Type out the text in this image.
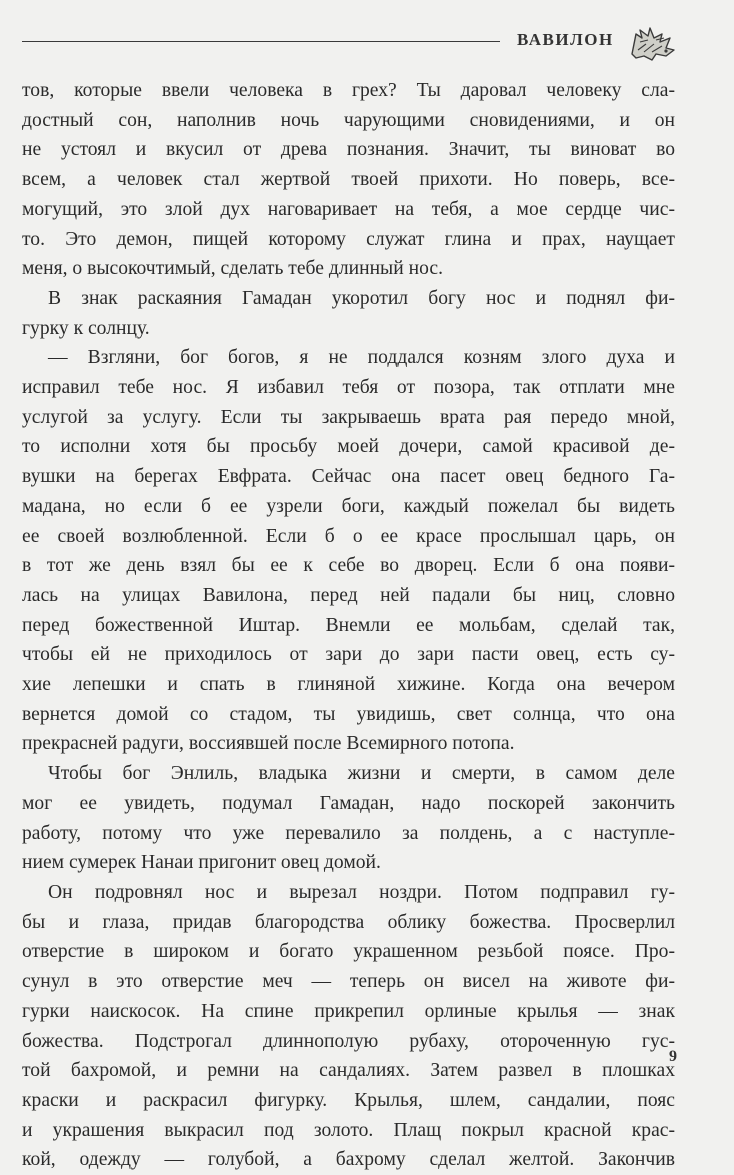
ВАВИЛОН

тов, которые ввели человека в грех? Ты даровал человеку сла-

достный сон, наполнив ночь чарующими сновидениями, и он

не устоял и вкусил от древа познания. Значит, ты виноват во

всем, а человек стал жертвой твоей прихоти. Но поверь, все-

могущий, это злой дух наговаривает на тебя, а мое сердце чис-

то. Это демон, пищей которому служат глина и прах, наущает

меня, о высокочтимый, сделать тебе длинный нос.

В знак раскаяния Гамадан укоротил богу нос и поднял фи-

гурку к солнцу.

— Взгляни, бог богов, я не поддался козням злого духа и

исправил тебе нос. Я избавил тебя от позора, так отплати мне

услугой за услугу. Если ты закрываешь врата рая передо мной,

то исполни хотя бы просьбу моей дочери, самой красивой де-

вушки на берегах Евфрата. Сейчас она пасет овец бедного Га-

мадана, но если б ее узрели боги, каждый пожелал бы видеть

ее своей возлюбленной. Если б о ее красе прослышал царь, он

в тот же день взял бы ее к себе во дворец. Если б она появи-

лась на улицах Вавилона, перед ней падали бы ниц, словно

перед божественной Иштар. Внемли ее мольбам, сделай так,

чтобы ей не приходилось от зари до зари пасти овец, есть су-

хие лепешки и спать в глиняной хижине. Когда она вечером

вернется домой со стадом, ты увидишь, свет солнца, что она

прекрасней радуги, воссиявшей после Всемирного потопа.

Чтобы бог Энлиль, владыка жизни и смерти, в самом деле

мог ее увидеть, подумал Гамадан, надо поскорей закончить

работу, потому что уже перевалило за полдень, а с наступле-

нием сумерек Нанаи пригонит овец домой.

Он подровнял нос и вырезал ноздри. Потом подправил гу-

бы и глаза, придав благородства облику божества. Просверлил

отверстие в широком и богато украшенном резьбой поясе. Про-

сунул в это отверстие меч — теперь он висел на животе фи-

гурки наискосок. На спине прикрепил орлиные крылья — знак

божества. Подстрогал длиннополую рубаху, отороченную гус-

той бахромой, и ремни на сандалиях. Затем развел в плошках

краски и раскрасил фигурку. Крылья, шлем, сандалии, пояс

и украшения выкрасил под золото. Плащ покрыл красной крас-

кой, одежду — голубой, а бахрому сделал желтой. Закончив

9
